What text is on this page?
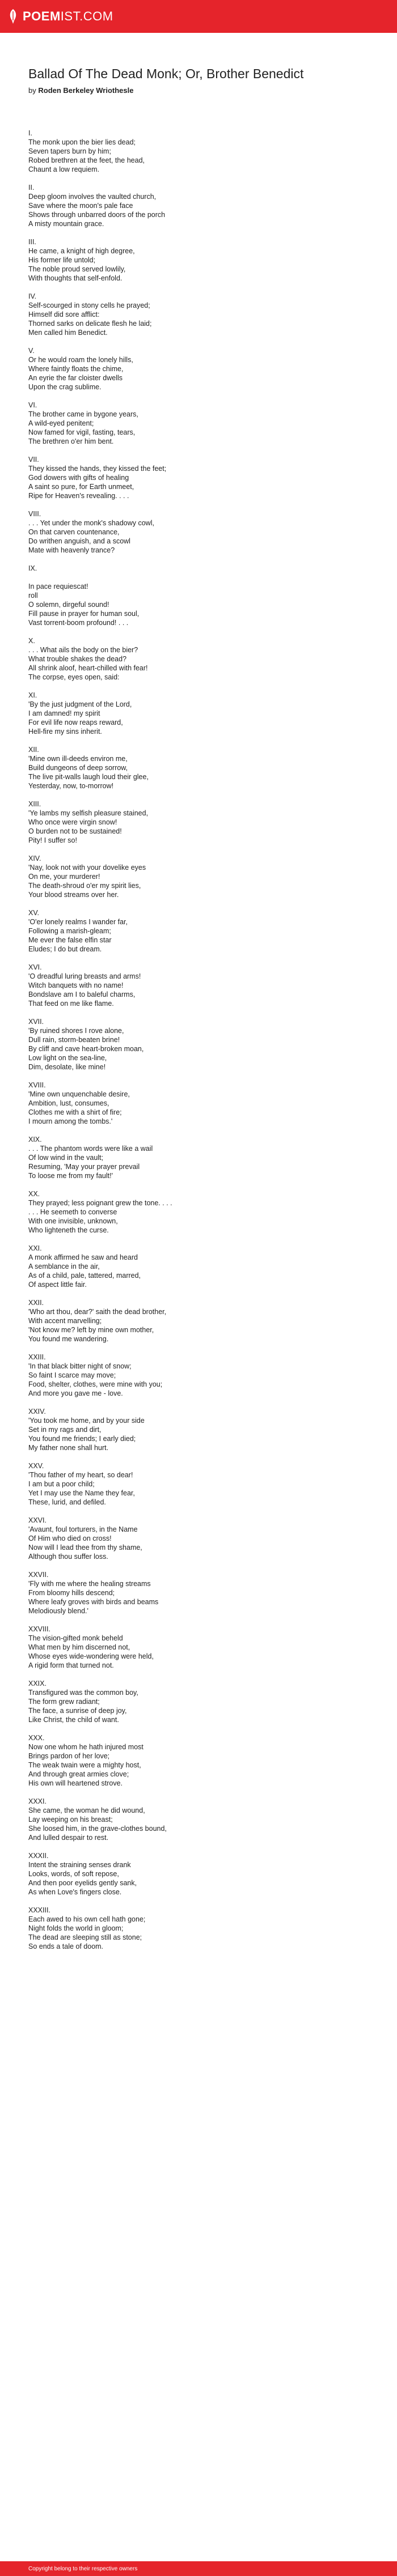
POEM IST.COM
Ballad Of The Dead Monk; Or, Brother Benedict
by Roden Berkeley Wriothesle
I.
The monk upon the bier lies dead;
Seven tapers burn by him;
Robed brethren at the feet, the head,
Chaunt a low requiem.
II.
Deep gloom involves the vaulted church,
Save where the moon's pale face
Shows through unbarred doors of the porch
A misty mountain grace.
III.
He came, a knight of high degree,
His former life untold;
The noble proud served lowlily,
With thoughts that self-enfold.
IV.
Self-scourged in stony cells he prayed;
Himself did sore afflict:
Thorned sarks on delicate flesh he laid;
Men called him Benedict.
V.
Or he would roam the lonely hills,
Where faintly floats the chime,
An eyrie the far cloister dwells
Upon the crag sublime.
VI.
The brother came in bygone years,
A wild-eyed penitent;
Now famed for vigil, fasting, tears,
The brethren o'er him bent.
VII.
They kissed the hands, they kissed the feet;
God dowers with gifts of healing
A saint so pure, for Earth unmeet,
Ripe for Heaven's revealing. . . .
VIII.
. . . Yet under the monk's shadowy cowl,
On that carven countenance,
Do writhen anguish, and a scowl
Mate with heavenly trance?
IX.

In pace requiescat!
roll
O solemn, dirgeful sound!
Fill pause in prayer for human soul,
Vast torrent-boom profound! . . .
X.
. . . What ails the body on the bier?
What trouble shakes the dead?
All shrink aloof, heart-chilled with fear!
The corpse, eyes open, said:
XI.
'By the just judgment of the Lord,
I am damned! my spirit
For evil life now reaps reward,
Hell-fire my sins inherit.
XII.
'Mine own ill-deeds environ me,
Build dungeons of deep sorrow,
The live pit-walls laugh loud their glee,
Yesterday, now, to-morrow!
XIII.
'Ye lambs my selfish pleasure stained,
Who once were virgin snow!
O burden not to be sustained!
Pity! I suffer so!
XIV.
'Nay, look not with your dovelike eyes
On me, your murderer!
The death-shroud o'er my spirit lies,
Your blood streams over her.
XV.
'O'er lonely realms I wander far,
Following a marish-gleam;
Me ever the false elfin star
Eludes; I do but dream.
XVI.
'O dreadful luring breasts and arms!
Witch banquets with no name!
Bondslave am I to baleful charms,
That feed on me like flame.
XVII.
'By ruined shores I rove alone,
Dull rain, storm-beaten brine!
By cliff and cave heart-broken moan,
Low light on the sea-line,
Dim, desolate, like mine!
XVIII.
'Mine own unquenchable desire,
Ambition, lust, consumes,
Clothes me with a shirt of fire;
I mourn among the tombs.'
XIX.
. . . The phantom words were like a wail
Of low wind in the vault;
Resuming, 'May your prayer prevail
To loose me from my fault!'
XX.
They prayed; less poignant grew the tone. . . .
. . . He seemeth to converse
With one invisible, unknown,
Who lighteneth the curse.
XXI.
A monk affirmed he saw and heard
A semblance in the air,
As of a child, pale, tattered, marred,
Of aspect little fair.
XXII.
'Who art thou, dear?' saith the dead brother,
With accent marvelling;
'Not know me? left by mine own mother,
You found me wandering.
XXIII.
'In that black bitter night of snow;
So faint I scarce may move;
Food, shelter, clothes, were mine with you;
And more you gave me - love.
XXIV.
'You took me home, and by your side
Set in my rags and dirt,
You found me friends; I early died;
My father none shall hurt.
XXV.
'Thou father of my heart, so dear!
I am but a poor child;
Yet I may use the Name they fear,
These, lurid, and defiled.
XXVI.
'Avaunt, foul torturers, in the Name
Of Him who died on cross!
Now will I lead thee from thy shame,
Although thou suffer loss.
XXVII.
'Fly with me where the healing streams
From bloomy hills descend;
Where leafy groves with birds and beams
Melodiously blend.'
XXVIII.
The vision-gifted monk beheld
What men by him discerned not,
Whose eyes wide-wondering were held,
A rigid form that turned not.
XXIX.
Transfigured was the common boy,
The form grew radiant;
The face, a sunrise of deep joy,
Like Christ, the child of want.
XXX.
Now one whom he hath injured most
Brings pardon of her love;
The weak twain were a mighty host,
And through great armies clove;
His own will heartened strove.
XXXI.
She came, the woman he did wound,
Lay weeping on his breast;
She loosed him, in the grave-clothes bound,
And lulled despair to rest.
XXXII.
Intent the straining senses drank
Looks, words, of soft repose,
And then poor eyelids gently sank,
As when Love's fingers close.
XXXIII.
Each awed to his own cell hath gone;
Night folds the world in gloom;
The dead are sleeping still as stone;
So ends a tale of doom.
Copyright belong to their respective owners
